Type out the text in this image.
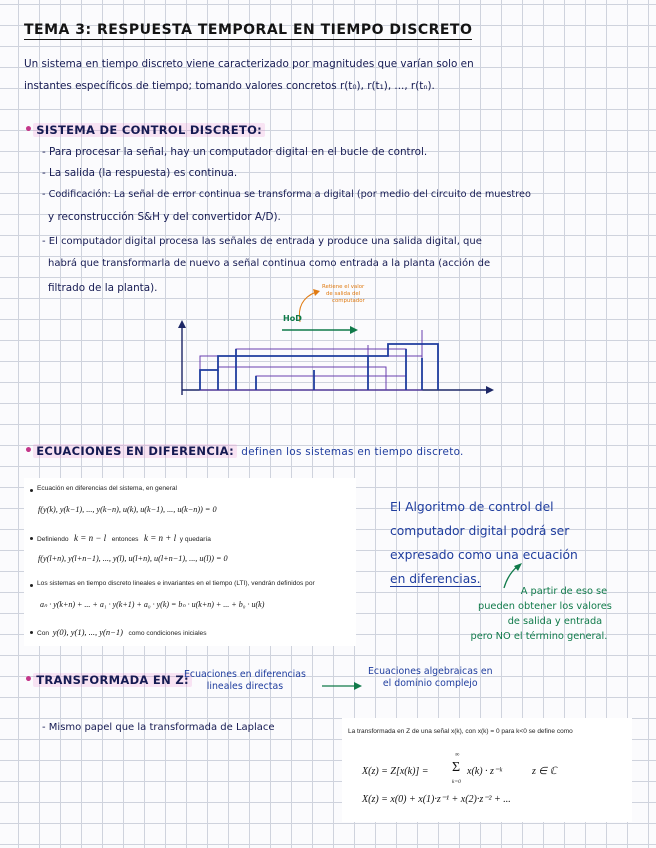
TEMA 3: RESPUESTA TEMPORAL EN TIEMPO DISCRETO
Un sistema en tiempo discreto viene caracterizado por magnitudes que varían solo en
instantes específicos de tiempo; tomando valores concretos r(t₀), r(t₁), ..., r(tₙ).
• SISTEMA DE CONTROL DISCRETO:
- Para procesar la señal, hay un computador digital en el bucle de control.
- La salida (la respuesta) es continua.
- Codificación: La señal de error continua se transforma a digital (por medio del circuito de muestreo
y reconstrucción S&H y del convertidor A/D).
- El computador digital procesa las señales de entrada y produce una salida digital, que
habrá que transformarla de nuevo a señal continua como entrada a la planta (acción de
filtrado de la planta).	Retiene el valor
de salida del
computador
HoD
• ECUACIONES EN DIFERENCIA: definen los sistemas en tiempo discreto.
Ecuación en diferencias del sistema, en general
f(y(k), y(k−1), ..., y(k−n), u(k), u(k−1), ..., u(k−n)) = 0
Definiendo k = n − l entonces k = n + l y quedaría
f(y(l+n), y(l+n−1), ..., y(l), u(l+n), u(l+n−1), ..., u(l)) = 0
Los sistemas en tiempo discreto lineales e invariantes en el tiempo (LTI), vendrán definidos por
aₙ · y(k+n) + ... + a₁ · y(k+1) + a₀ · y(k) = bₙ · u(k+n) + ... + b₀ · u(k)
Con y(0), y(1), ..., y(n−1) como condiciones iniciales
El Algoritmo de control del
computador digital podrá ser
expresado como una ecuación
en diferencias.
A partir de eso se
pueden obtener los valores
de salida y entrada
pero NO el término general.
• TRANSFORMADA EN Z:
Ecuaciones en diferencias
lineales directas
Ecuaciones algebraicas en
el dominio complejo
- Mismo papel que la transformada de Laplace	La transformada en Z de una señal x(k), con x(k) = 0 para k<0 se define como
X(z) = Z[x(k)] =
∞
Σ
k=0
x(k) · z⁻ᵏ	z ∈ ℂ
X(z) = x(0) + x(1)·z⁻¹ + x(2)·z⁻² + ...
